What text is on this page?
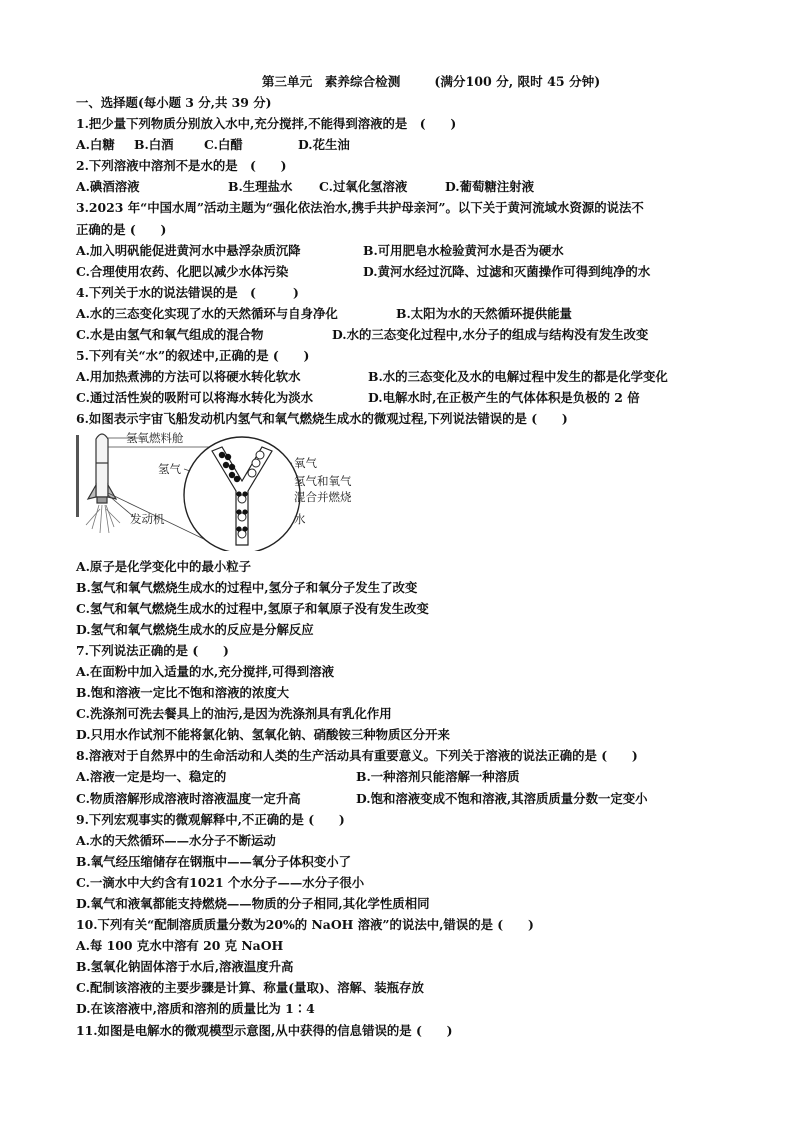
第三单元　素养综合检测	(满分100 分, 限时 45 分钟)
一、选择题(每小题 3 分,共 39 分)
1.把少量下列物质分别放入水中,充分搅拌,不能得到溶液的是　(　　)
A.白糖	B.白酒	C.白醋	D.花生油
2.下列溶液中溶剂不是水的是　(　　)
A.碘酒溶液	B.生理盐水	C.过氧化氢溶液	D.葡萄糖注射液
3.2023 年“中国水周”活动主题为“强化依法治水,携手共护母亲河”。以下关于黄河流域水资源的说法不
正确的是 (　　)
A.加入明矾能促进黄河水中悬浮杂质沉降	B.可用肥皂水检验黄河水是否为硬水
C.合理使用农药、化肥以减少水体污染	D.黄河水经过沉降、过滤和灭菌操作可得到纯净的水
4.下列关于水的说法错误的是　(　　　)
A.水的三态变化实现了水的天然循环与自身净化	B.太阳为水的天然循环提供能量
C.水是由氢气和氧气组成的混合物	D.水的三态变化过程中,水分子的组成与结构没有发生改变
5.下列有关“水”的叙述中,正确的是 (　　)
A.用加热煮沸的方法可以将硬水转化软水	B.水的三态变化及水的电解过程中发生的都是化学变化
C.通过活性炭的吸附可以将海水转化为淡水	D.电解水时,在正极产生的气体体积是负极的 2 倍
6.如图表示宇宙飞船发动机内氢气和氧气燃烧生成水的微观过程,下列说法错误的是 (　　)
氢氧燃料舱
氢气	氧气
氢气和氧气
混合并燃烧
水
发动机
A.原子是化学变化中的最小粒子
B.氢气和氧气燃烧生成水的过程中,氢分子和氧分子发生了改变
C.氢气和氧气燃烧生成水的过程中,氢原子和氧原子没有发生改变
D.氢气和氧气燃烧生成水的反应是分解反应
7.下列说法正确的是 (　　)
A.在面粉中加入适量的水,充分搅拌,可得到溶液
B.饱和溶液一定比不饱和溶液的浓度大
C.洗涤剂可洗去餐具上的油污,是因为洗涤剂具有乳化作用
D.只用水作试剂不能将氯化钠、氢氧化钠、硝酸铵三种物质区分开来
8.溶液对于自然界中的生命活动和人类的生产活动具有重要意义。下列关于溶液的说法正确的是 (　　)
A.溶液一定是均一、稳定的	B.一种溶剂只能溶解一种溶质
C.物质溶解形成溶液时溶液温度一定升高	D.饱和溶液变成不饱和溶液,其溶质质量分数一定变小
9.下列宏观事实的微观解释中,不正确的是 (　　)
A.水的天然循环——水分子不断运动
B.氧气经压缩储存在钢瓶中——氧分子体积变小了
C.一滴水中大约含有1021 个水分子——水分子很小
D.氧气和液氧都能支持燃烧——物质的分子相同,其化学性质相同
10.下列有关“配制溶质质量分数为20%的 NaOH 溶液”的说法中,错误的是 (　　)
A.每 100 克水中溶有 20 克 NaOH
B.氢氧化钠固体溶于水后,溶液温度升高
C.配制该溶液的主要步骤是计算、称量(量取)、溶解、装瓶存放
D.在该溶液中,溶质和溶剂的质量比为 1∶4
11.如图是电解水的微观模型示意图,从中获得的信息错误的是 (　　)
